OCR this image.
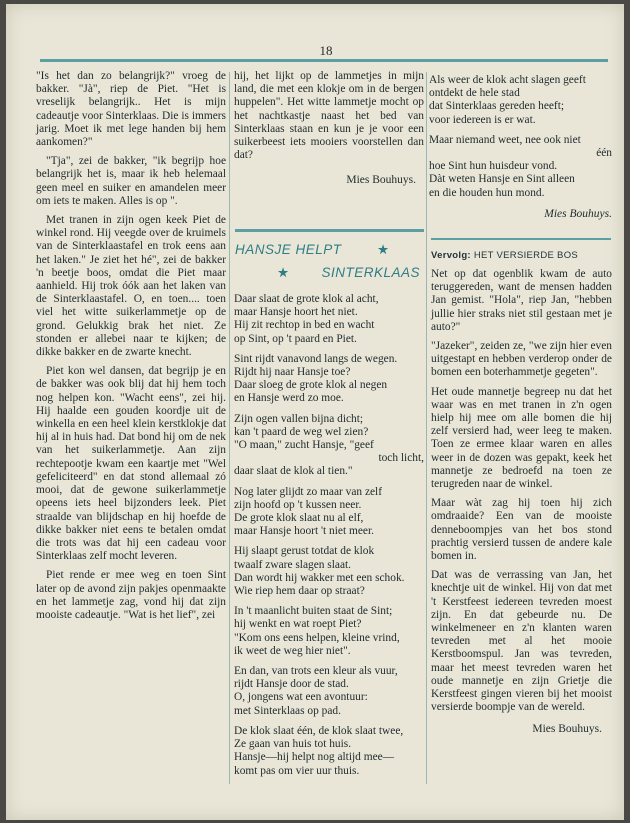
18

"Is het dan zo belangrijk?" vroeg de bakker. "Jà", riep de Piet. "Het is vreselijk belangrijk.. Het is mijn cadeautje voor Sinterklaas. Die is immers jarig. Moet ik met lege handen bij hem aankomen?"

"Tja", zei de bakker, "ik begrijp hoe belangrijk het is, maar ik heb helemaal geen meel en suiker en amandelen meer om iets te maken. Alles is op ".

Met tranen in zijn ogen keek Piet de winkel rond. Hij veegde over de kruimels van de Sinterklaastafel en trok eens aan het laken." Je ziet het hé", zei de bakker 'n beetje boos, omdat die Piet maar aanhield. Hij trok óók aan het laken van de Sinterklaastafel. O, en toen.... toen viel het witte suikerlammetje op de grond. Gelukkig brak het niet. Ze stonden er allebei naar te kijken; de dikke bakker en de zwarte knecht.

Piet kon wel dansen, dat begrijp je en de bakker was ook blij dat hij hem toch nog helpen kon. "Wacht eens", zei hij. Hij haalde een gouden koordje uit de winkella en een heel klein kerstklokje dat hij al in huis had. Dat bond hij om de nek van het suikerlammetje. Aan zijn rechtepootje kwam een kaartje met "Wel gefeliciteerd" en dat stond allemaal zó mooi, dat de gewone suikerlammetje opeens iets heel bijzonders leek. Piet straalde van blijdschap en hij hoefde de dikke bakker niet eens te betalen omdat die trots was dat hij een cadeau voor Sinterklaas zelf mocht leveren.

Piet rende er mee weg en toen Sint later op de avond zijn pakjes openmaakte en het lammetje zag, vond hij dat zijn mooiste cadeautje. "Wat is het lief", zei

hij, het lijkt op de lammetjes in mijn land, die met een klokje om in de bergen huppelen". Het witte lammetje mocht op het nachtkastje naast het bed van Sinterklaas staan en kun je je voor een suikerbeest iets mooiers voorstellen dan dat?

Mies Bouhuys.
HANSJE HELPT	★
★ SINTERKLAAS
Daar slaat de grote klok al acht,
maar Hansje hoort het niet.
Hij zit rechtop in bed en wacht
op Sint, op 't paard en Piet.
Sint rijdt vanavond langs de wegen.
Rijdt hij naar Hansje toe?
Daar sloeg de grote klok al negen
en Hansje werd zo moe.
Zijn ogen vallen bijna dicht;
kan 't paard de weg wel zien?
"O maan," zucht Hansje, "geef
toch licht,
daar slaat de klok al tien."
Nog later glijdt zo maar van zelf
zijn hoofd op 't kussen neer.
De grote klok slaat nu al elf,
maar Hansje hoort 't niet meer.
Hij slaapt gerust totdat de klok
twaalf zware slagen slaat.
Dan wordt hij wakker met een schok.
Wie riep hem daar op straat?
In 't maanlicht buiten staat de Sint;
hij wenkt en wat roept Piet?
"Kom ons eens helpen, kleine vrind,
ik weet de weg hier niet".
En dan, van trots een kleur als vuur,
rijdt Hansje door de stad.
O, jongens wat een avontuur:
met Sinterklaas op pad.
De klok slaat één, de klok slaat twee,
Ze gaan van huis tot huis.
Hansje—hij helpt nog altijd mee—
komt pas om vier uur thuis.
Als weer de klok acht slagen geeft
ontdekt de hele stad
dat Sinterklaas gereden heeft;
voor iedereen is er wat.
Maar niemand weet, nee ook niet
één
hoe Sint hun huisdeur vond.
Dàt weten Hansje en Sint alleen
en die houden hun mond.
Mies Bouhuys.
Vervolg: HET VERSIERDE BOS

Net op dat ogenblik kwam de auto teruggereden, want de mensen hadden Jan gemist. "Hola", riep Jan, "hebben jullie hier straks niet stil gestaan met je auto?"

"Jazeker", zeiden ze, "we zijn hier even uitgestapt en hebben verderop onder de bomen een boterhammetje gegeten".

Het oude mannetje begreep nu dat het waar was en met tranen in z'n ogen hielp hij mee om alle bomen die hij zelf versierd had, weer leeg te maken. Toen ze ermee klaar waren en alles weer in de dozen was gepakt, keek het mannetje ze bedroefd na toen ze terugreden naar de winkel.

Maar wàt zag hij toen hij zich omdraaide? Een van de mooiste denneboompjes van het bos stond prachtig versierd tussen de andere kale bomen in.

Dat was de verrassing van Jan, het knechtje uit de winkel. Hij von dat met 't Kerstfeest iedereen tevreden moest zijn. En dat gebeurde nu. De winkelmeneer en z'n klanten waren tevreden met al het mooie Kerstboomspul. Jan was tevreden, maar het meest tevreden waren het oude mannetje en zijn Grietje die Kerstfeest gingen vieren bij het mooist versierde boompje van de wereld.

Mies Bouhuys.
